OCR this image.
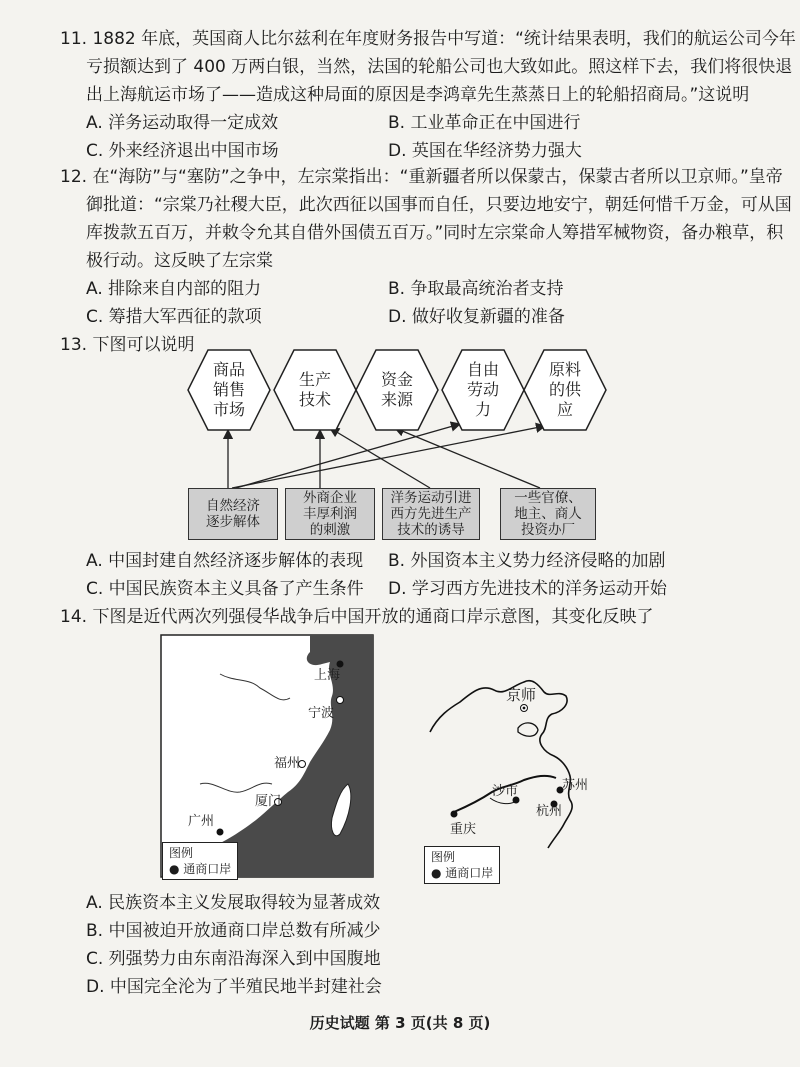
11. 1882 年底，英国商人比尔兹利在年度财务报告中写道：“统计结果表明，我们的航运公司今年
亏损额达到了 400 万两白银，当然，法国的轮船公司也大致如此。照这样下去，我们将很快退
出上海航运市场了——造成这种局面的原因是李鸿章先生蒸蒸日上的轮船招商局。”这说明
A. 洋务运动取得一定成效	B. 工业革命正在中国进行
C. 外来经济退出中国市场	D. 英国在华经济势力强大
12. 在“海防”与“塞防”之争中，左宗棠指出：“重新疆者所以保蒙古，保蒙古者所以卫京师。”皇帝
御批道：“宗棠乃社稷大臣，此次西征以国事而自任，只要边地安宁，朝廷何惜千万金，可从国
库拨款五百万，并敕令允其自借外国债五百万。”同时左宗棠命人筹措军械物资，备办粮草，积
极行动。这反映了左宗棠
A. 排除来自内部的阻力	B. 争取最高统治者支持
C. 筹措大军西征的款项	D. 做好收复新疆的准备
13. 下图可以说明
商品
销售
市场
生产
技术
资金
来源
自由
劳动
力
原料
的供
应
自然经济
逐步解体
外商企业
丰厚利润
的刺激
洋务运动引进
西方先进生产
技术的诱导
一些官僚、
地主、商人
投资办厂
A. 中国封建自然经济逐步解体的表现 B. 外国资本主义势力经济侵略的加剧
C. 中国民族资本主义具备了产生条件 D. 学习西方先进技术的洋务运动开始
14. 下图是近代两次列强侵华战争后中国开放的通商口岸示意图，其变化反映了
上海
宁波
福州
厦门
广州
图例
● 通商口岸
京师
苏州
沙市
杭州
重庆
图例
● 通商口岸
A. 民族资本主义发展取得较为显著成效
B. 中国被迫开放通商口岸总数有所减少
C. 列强势力由东南沿海深入到中国腹地
D. 中国完全沦为了半殖民地半封建社会
历史试题 第 3 页(共 8 页)
